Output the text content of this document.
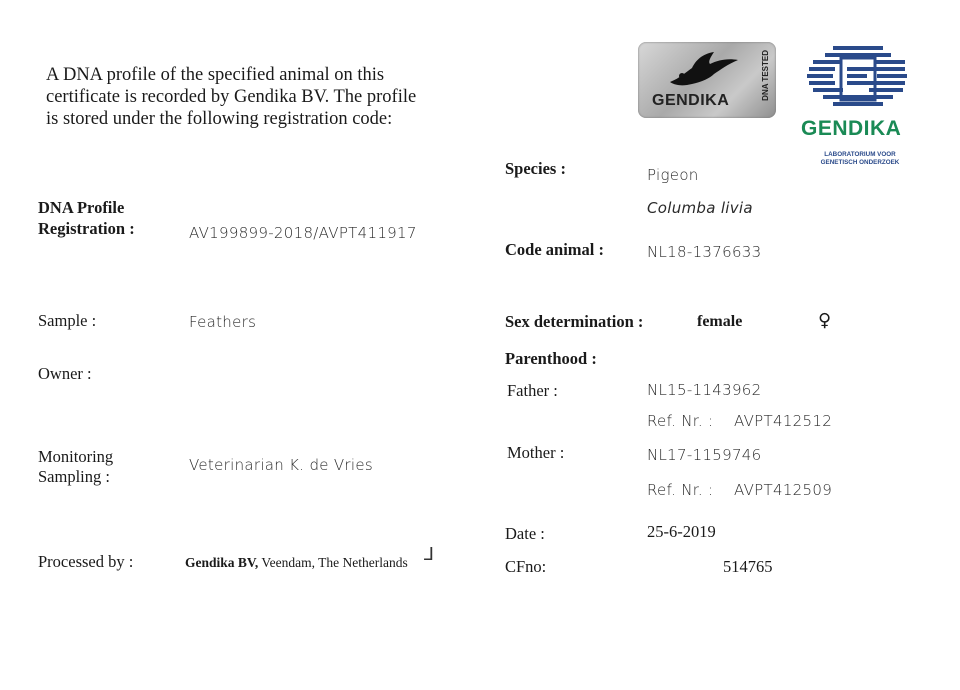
A DNA profile of the specified animal on this certificate is recorded by Gendika BV. The profile is stored under the following registration code:
GENDIKA	DNA TESTED
GENDIKA
LABORATORIUM VOOR GENETISCH ONDERZOEK
DNA Profile
Registration :	AV199899-2018/AVPT411917
Sample :	Feathers
Owner :
Monitoring
Sampling :
Veterinarian K. de Vries
Processed by :	Gendika BV, Veendam, The Netherlands ᒧ
Species :	Pigeon
Columba livia
Code animal :	NL18-1376633
Sex determination :	female	♀
Parenthood :
Father :	NL15-1143962
Ref. Nr. : AVPT412512
Mother :	NL17-1159746
Ref. Nr. : AVPT412509
Date :	25-6-2019
CFno:	514765
